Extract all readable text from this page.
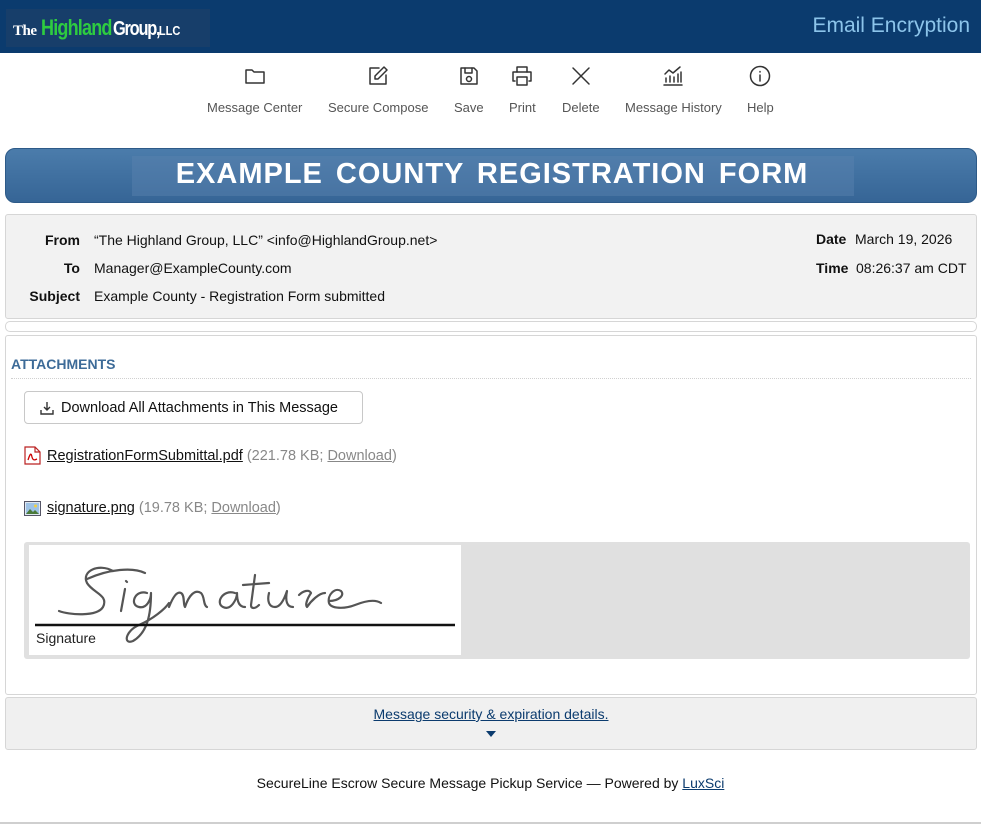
The Highland Group, LLC	Email Encryption
Message Center Secure Compose Save Print Delete Message History Help
EXAMPLE COUNTY REGISTRATION FORM
From “The Highland Group, LLC” <info@HighlandGroup.net>
To Manager@ExampleCounty.com
Subject Example County - Registration Form submitted
Date March 19, 2026
Time 08:26:37 am CDT
ATTACHMENTS
Download All Attachments in This Message
RegistrationFormSubmittal.pdf (221.78 KB; Download)
signature.png (19.78 KB; Download)
Signature
Message security & expiration details.
SecureLine Escrow Secure Message Pickup Service — Powered by LuxSci
